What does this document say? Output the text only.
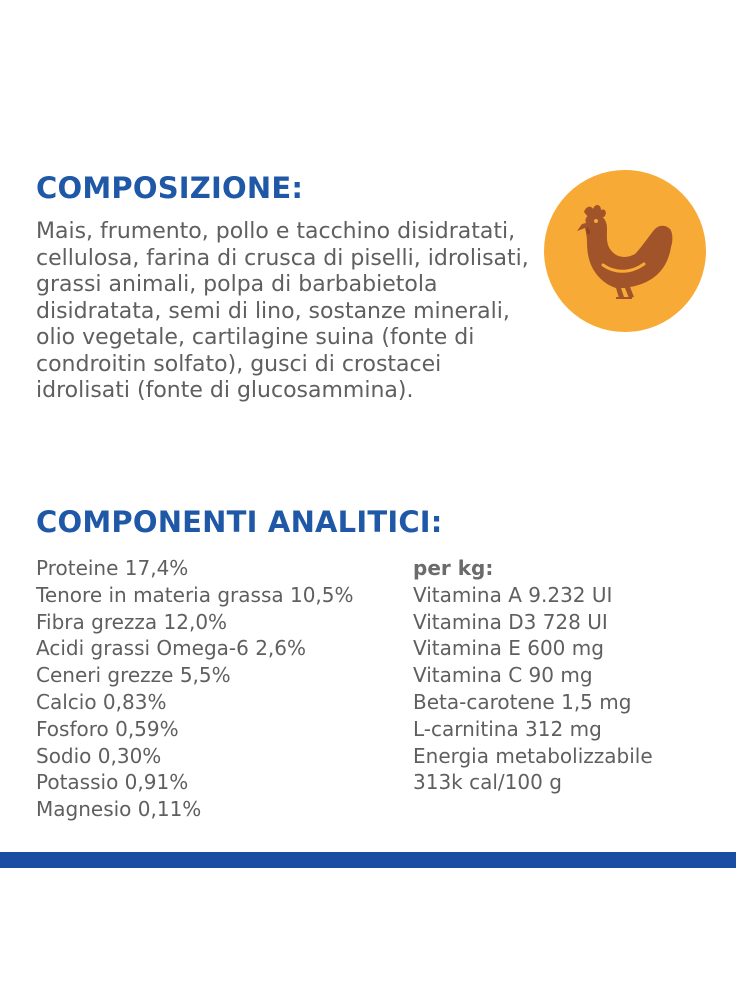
COMPOSIZIONE:

Mais, frumento, pollo e tacchino disidratati, cellulosa, farina di crusca di piselli, idrolisati, grassi animali, polpa di barbabietola disidratata, semi di lino, sostanze minerali, olio vegetale, cartilagine suina (fonte di condroitin solfato), gusci di crostacei idrolisati (fonte di glucosammina).

COMPONENTI ANALITICI:
Proteine 17,4%
Tenore in materia grassa 10,5%
Fibra grezza 12,0%
Acidi grassi Omega-6 2,6%
Ceneri grezze 5,5%
Calcio 0,83%
Fosforo 0,59%
Sodio 0,30%
Potassio 0,91%
Magnesio 0,11%
per kg:
Vitamina A 9.232 UI
Vitamina D3 728 UI
Vitamina E 600 mg
Vitamina C 90 mg
Beta-carotene 1,5 mg
L-carnitina 312 mg
Energia metabolizzabile
313k cal/100 g
